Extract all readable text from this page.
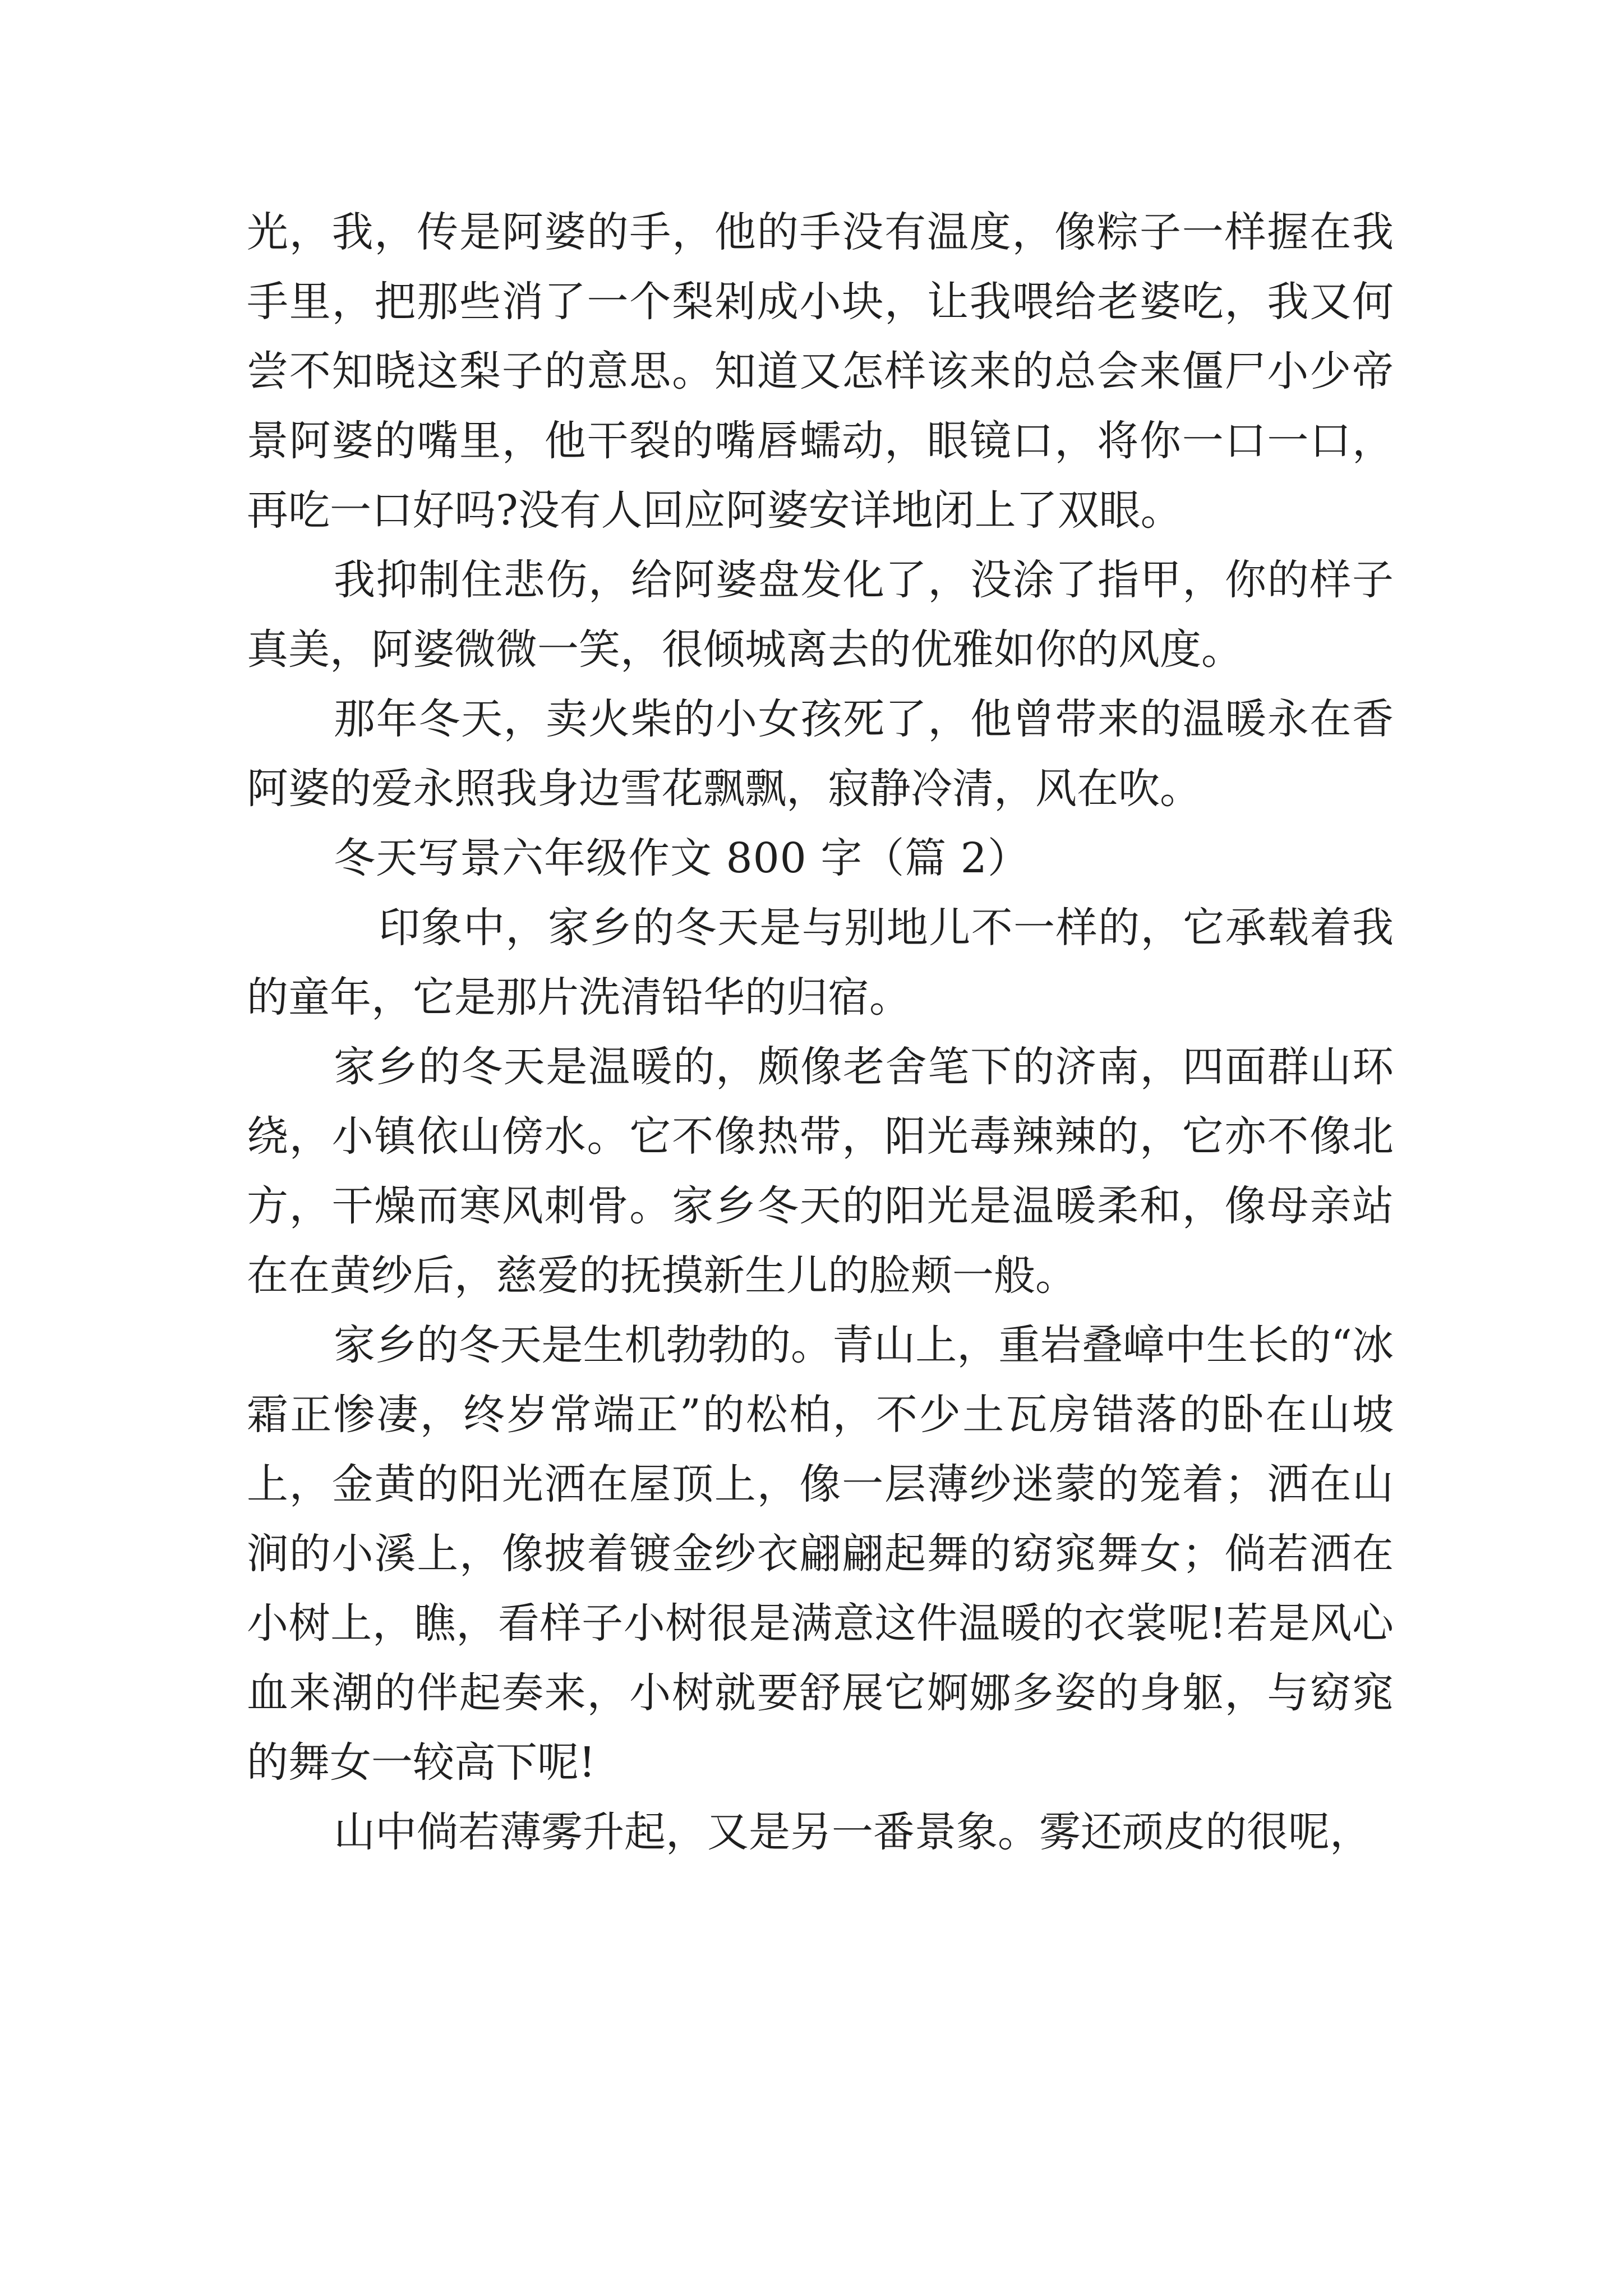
光，我，传是阿婆的手，他的手没有温度，像粽子一样握在我手里，把那些消了一个梨剁成小块，让我喂给老婆吃，我又何尝不知晓这梨子的意思。知道又怎样该来的总会来僵尸小少帝景阿婆的嘴里，他干裂的嘴唇蠕动，眼镜口，将你一口一口，再吃一口好吗?没有人回应阿婆安详地闭上了双眼。

我抑制住悲伤，给阿婆盘发化了，没涂了指甲，你的样子真美，阿婆微微一笑，很倾城离去的优雅如你的风度。

那年冬天，卖火柴的小女孩死了，他曾带来的温暖永在香阿婆的爱永照我身边雪花飘飘，寂静冷清，风在吹。

冬天写景六年级作文 800 字（篇 2）

印象中，家乡的冬天是与别地儿不一样的，它承载着我的童年，它是那片洗清铅华的归宿。

家乡的冬天是温暖的，颇像老舍笔下的济南，四面群山环绕，小镇依山傍水。它不像热带，阳光毒辣辣的，它亦不像北方，干燥而寒风刺骨。家乡冬天的阳光是温暖柔和，像母亲站在在黄纱后，慈爱的抚摸新生儿的脸颊一般。

家乡的冬天是生机勃勃的。青山上，重岩叠嶂中生长的“冰霜正惨凄，终岁常端正”的松柏，不少土瓦房错落的卧在山坡上，金黄的阳光洒在屋顶上，像一层薄纱迷蒙的笼着；洒在山涧的小溪上，像披着镀金纱衣翩翩起舞的窈窕舞女；倘若洒在小树上，瞧，看样子小树很是满意这件温暖的衣裳呢!若是风心血来潮的伴起奏来，小树就要舒展它婀娜多姿的身躯，与窈窕的舞女一较高下呢!

山中倘若薄雾升起，又是另一番景象。雾还顽皮的很呢，
